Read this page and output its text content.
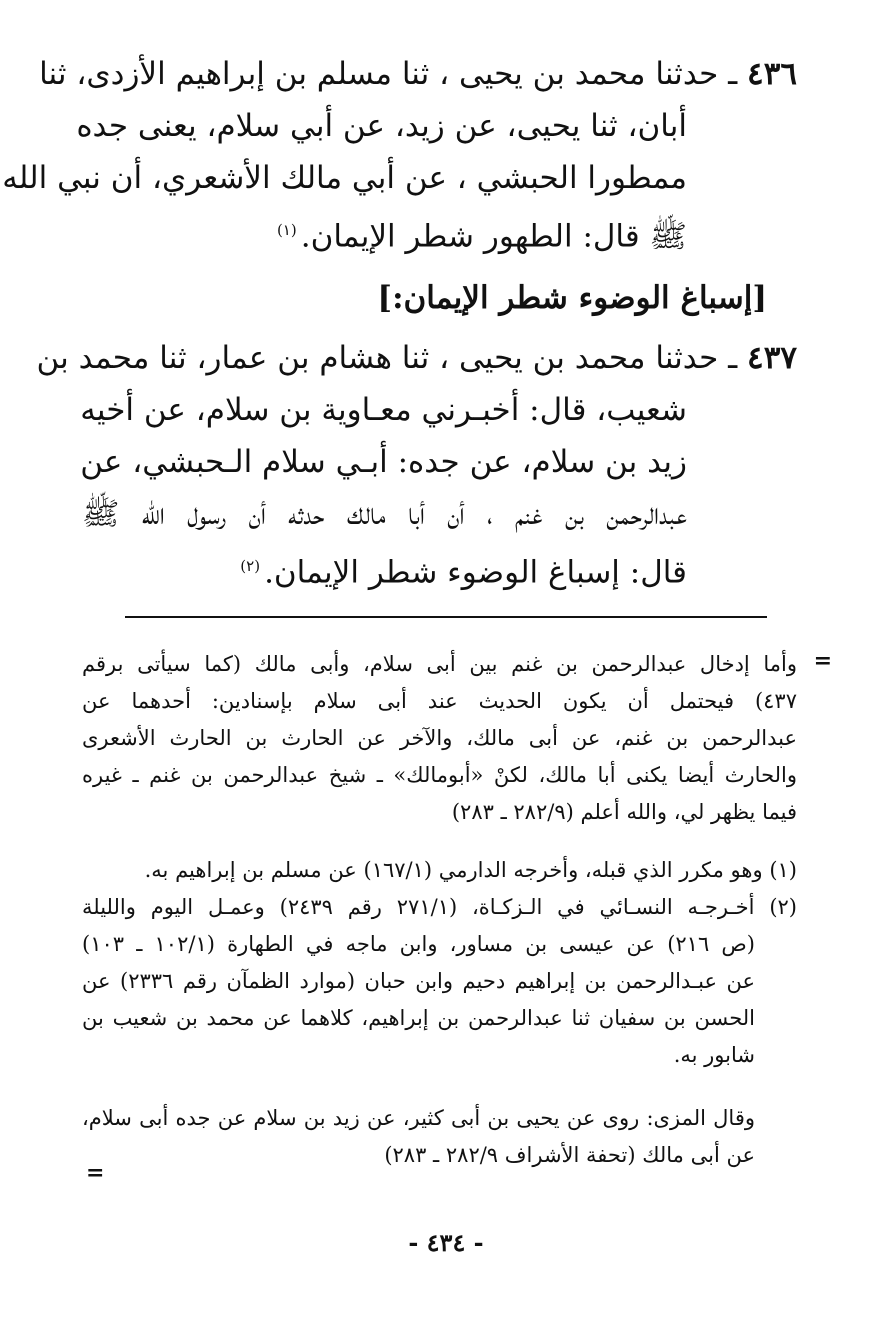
٤٣٦ ـ حدثنا محمد بن يحيى ، ثنا مسلم بن إبراهيم الأزدى، ثنا
أبان، ثنا يحيى، عن زيد، عن أبي سلام، يعنى جده
ممطورا الحبشي ، عن أبي مالك الأشعري، أن نبي الله
ﷺ قال: الطهور شطر الإيمان.$^{(١)}$
[إسباغ الوضوء شطر الإيمان:]
٤٣٧ ـ حدثنا محمد بن يحيى ، ثنا هشام بن عمار، ثنا محمد بن
شعيب، قال: أخبـرني معـاوية بن سلام، عن أخيه
زيد بن سلام، عن جده: أبـي سلام الـحبشي، عن
عبدالرحمن بن غنم ، أن أبا مالك حدثه أن رسول الله ﷺ
قال: إسباغ الوضوء شطر الإيمان.$^{(٢)}$
=
وأما إدخال عبدالرحمن بن غنم بين أبى سلام، وأبى مالك (كما سيأتى برقم
٤٣٧) فيحتمل أن يكون الحديث عند أبى سلام بإسنادين: أحدهما عن
عبدالرحمن بن غنم، عن أبى مالك، والآخر عن الحارث بن الحارث الأشعرى
والحارث أيضا يكنى أبا مالك، لكنْ «أبومالك» ـ شيخ عبدالرحمن بن غنم ـ غيره
فيما يظهر لي، والله أعلم (٢٨٢/٩ ـ ٢٨٣)
(١) وهو مكرر الذي قبله، وأخرجه الدارمي (١٦٧/١) عن مسلم بن إبراهيم به.
(٢) أخـرجـه النسـائي في الـزكـاة، (٢٧١/١ رقم ٢٤٣٩) وعمـل اليوم والليلة
(ص ٢١٦) عن عيسى بن مساور، وابن ماجه في الطهارة (١٠٢/١ ـ ١٠٣)
عن عبـدالرحمن بن إبراهيم دحيم وابن حبان (موارد الظمآن رقم ٢٣٣٦) عن
الحسن بن سفيان ثنا عبدالرحمن بن إبراهيم، كلاهما عن محمد بن شعيب بن
شابور به.
وقال المزى: روى عن يحيى بن أبى كثير، عن زيد بن سلام عن جده أبى سلام،
عن أبى مالك (تحفة الأشراف ٢٨٢/٩ ـ ٢٨٣)
=
- ٤٣٤ -
